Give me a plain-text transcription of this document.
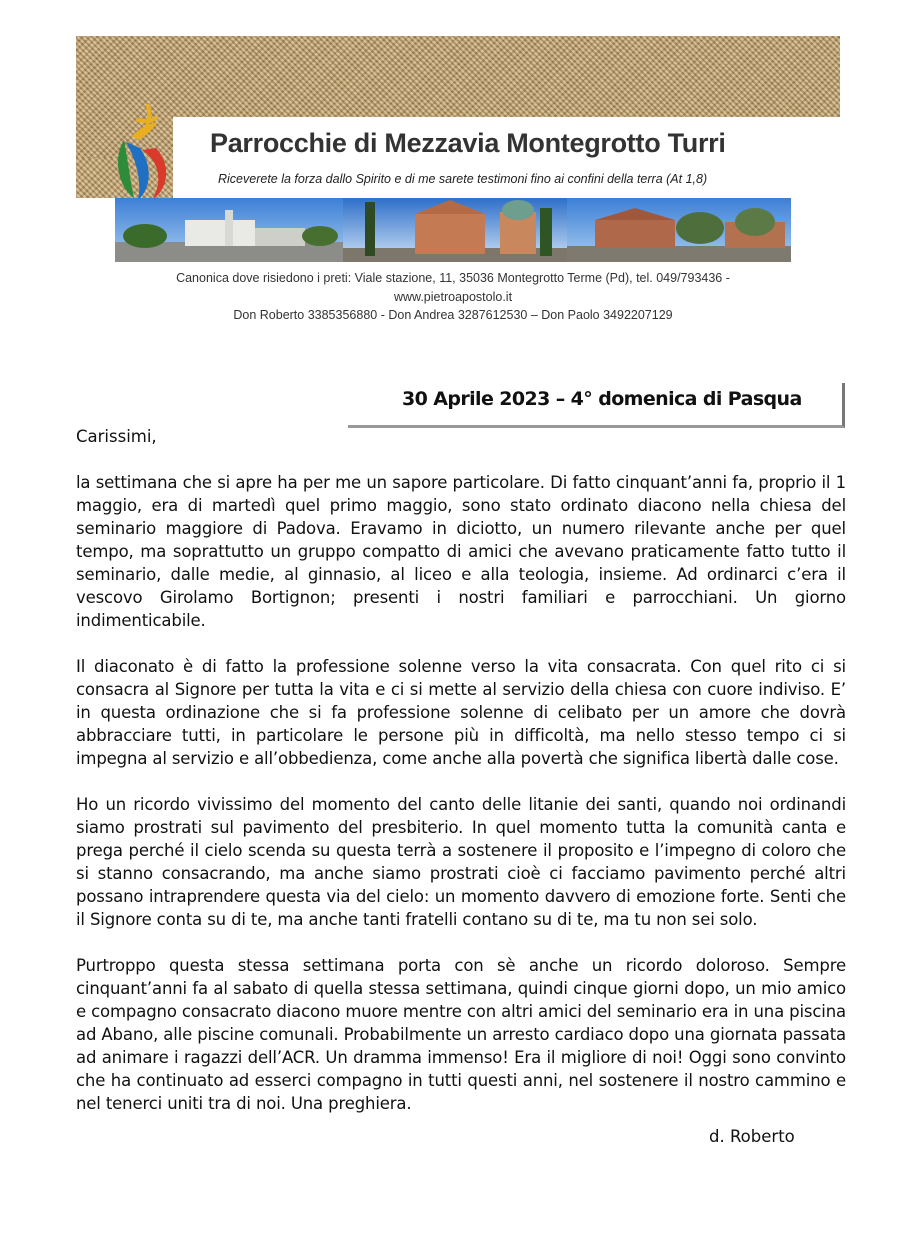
Parrocchie di Mezzavia Montegrotto Turri
Riceverete la forza dallo Spirito e di me sarete testimoni fino ai confini della terra (At 1,8)
Canonica dove risiedono i preti: Viale stazione, 11, 35036 Montegrotto Terme (Pd), tel. 049/793436 -
www.pietroapostolo.it
Don Roberto 3385356880 - Don Andrea 3287612530 – Don Paolo 3492207129
30 Aprile 2023 – 4° domenica di Pasqua

Carissimi,

la settimana che si apre ha per me un sapore particolare. Di fatto cinquant’anni fa, proprio il 1 maggio, era di martedì quel primo maggio, sono stato ordinato diacono nella chiesa del seminario maggiore di Padova. Eravamo in diciotto, un numero rilevante anche per quel tempo, ma soprattutto un gruppo compatto di amici che avevano praticamente fatto tutto il seminario, dalle medie, al ginnasio, al liceo e alla teologia, insieme. Ad ordinarci c’era il vescovo Girolamo Bortignon; presenti i nostri familiari e parrocchiani. Un giorno indimenticabile.

Il diaconato è di fatto la professione solenne verso la vita consacrata. Con quel rito ci si consacra al Signore per tutta la vita e ci si mette al servizio della chiesa con cuore indiviso. E’ in questa ordinazione che si fa professione solenne di celibato per un amore che dovrà abbracciare tutti, in particolare le persone più in difficoltà, ma nello stesso tempo ci si impegna al servizio e all’obbedienza, come anche alla povertà che significa libertà dalle cose.

Ho un ricordo vivissimo del momento del canto delle litanie dei santi, quando noi ordinandi siamo prostrati sul pavimento del presbiterio. In quel momento tutta la comunità canta e prega perché il cielo scenda su questa terrà a sostenere il proposito e l’impegno di coloro che si stanno consacrando, ma anche siamo prostrati cioè ci facciamo pavimento perché altri possano intraprendere questa via del cielo: un momento davvero di emozione forte. Senti che il Signore conta su di te, ma anche tanti fratelli contano su di te, ma tu non sei solo.

Purtroppo questa stessa settimana porta con sè anche un ricordo doloroso. Sempre cinquant’anni fa al sabato di quella stessa settimana, quindi cinque giorni dopo, un mio amico e compagno consacrato diacono muore mentre con altri amici del seminario era in una piscina ad Abano, alle piscine comunali. Probabilmente un arresto cardiaco dopo una giornata passata ad animare i ragazzi dell’ACR. Un dramma immenso! Era il migliore di noi! Oggi sono convinto che ha continuato ad esserci compagno in tutti questi anni, nel sostenere il nostro cammino e nel tenerci uniti tra di noi. Una preghiera.

d. Roberto
